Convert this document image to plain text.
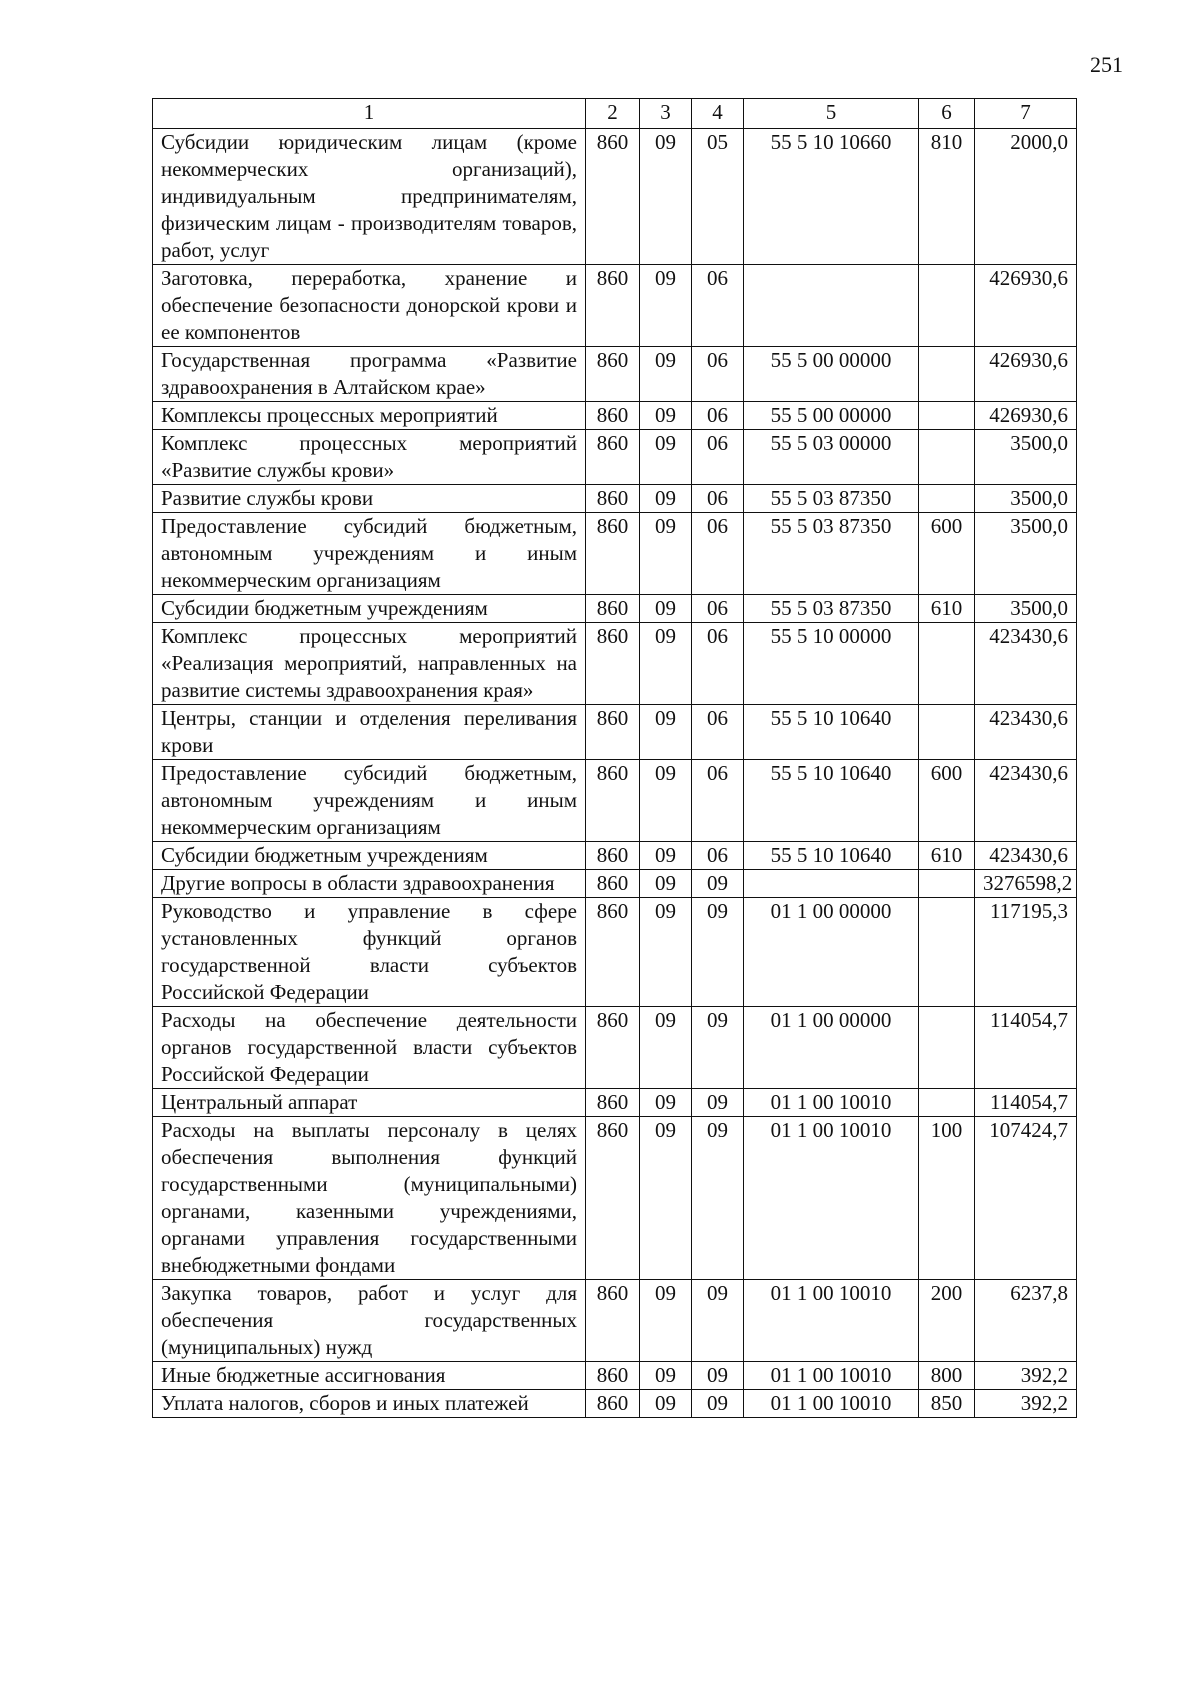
251
1	2	3	4	5	6	7
Субсидии юридическим лицам (кроме некоммерческих организаций), индивидуальным предпринимателям, физическим лицам - производителям товаров, работ, услуг	860	09	05	55 5 10 10660	810	2000,0
Заготовка, переработка, хранение и обеспечение безопасности донорской крови и ее компонентов	860	09	06			426930,6
Государственная программа «Развитие здравоохранения в Алтайском крае»	860	09	06	55 5 00 00000		426930,6
Комплексы процессных мероприятий	860	09	06	55 5 00 00000		426930,6
Комплекс процессных мероприятий «Развитие службы крови»	860	09	06	55 5 03 00000		3500,0
Развитие службы крови	860	09	06	55 5 03 87350		3500,0
Предоставление субсидий бюджетным, автономным учреждениям и иным некоммерческим организациям	860	09	06	55 5 03 87350	600	3500,0
Субсидии бюджетным учреждениям	860	09	06	55 5 03 87350	610	3500,0
Комплекс процессных мероприятий «Реализация мероприятий, направленных на развитие системы здравоохранения края»	860	09	06	55 5 10 00000		423430,6
Центры, станции и отделения переливания крови	860	09	06	55 5 10 10640		423430,6
Предоставление субсидий бюджетным, автономным учреждениям и иным некоммерческим организациям	860	09	06	55 5 10 10640	600	423430,6
Субсидии бюджетным учреждениям	860	09	06	55 5 10 10640	610	423430,6
Другие вопросы в области здравоохранения	860	09	09			3276598,2
Руководство и управление в сфере установленных функций органов государственной власти субъектов Российской Федерации	860	09	09	01 1 00 00000		117195,3
Расходы на обеспечение деятельности органов государственной власти субъектов Российской Федерации	860	09	09	01 1 00 00000		114054,7
Центральный аппарат	860	09	09	01 1 00 10010		114054,7
Расходы на выплаты персоналу в целях обеспечения выполнения функций государственными (муниципальными) органами, казенными учреждениями, органами управления государственными внебюджетными фондами	860	09	09	01 1 00 10010	100	107424,7
Закупка товаров, работ и услуг для обеспечения государственных (муниципальных) нужд	860	09	09	01 1 00 10010	200	6237,8
Иные бюджетные ассигнования	860	09	09	01 1 00 10010	800	392,2
Уплата налогов, сборов и иных платежей	860	09	09	01 1 00 10010	850	392,2
